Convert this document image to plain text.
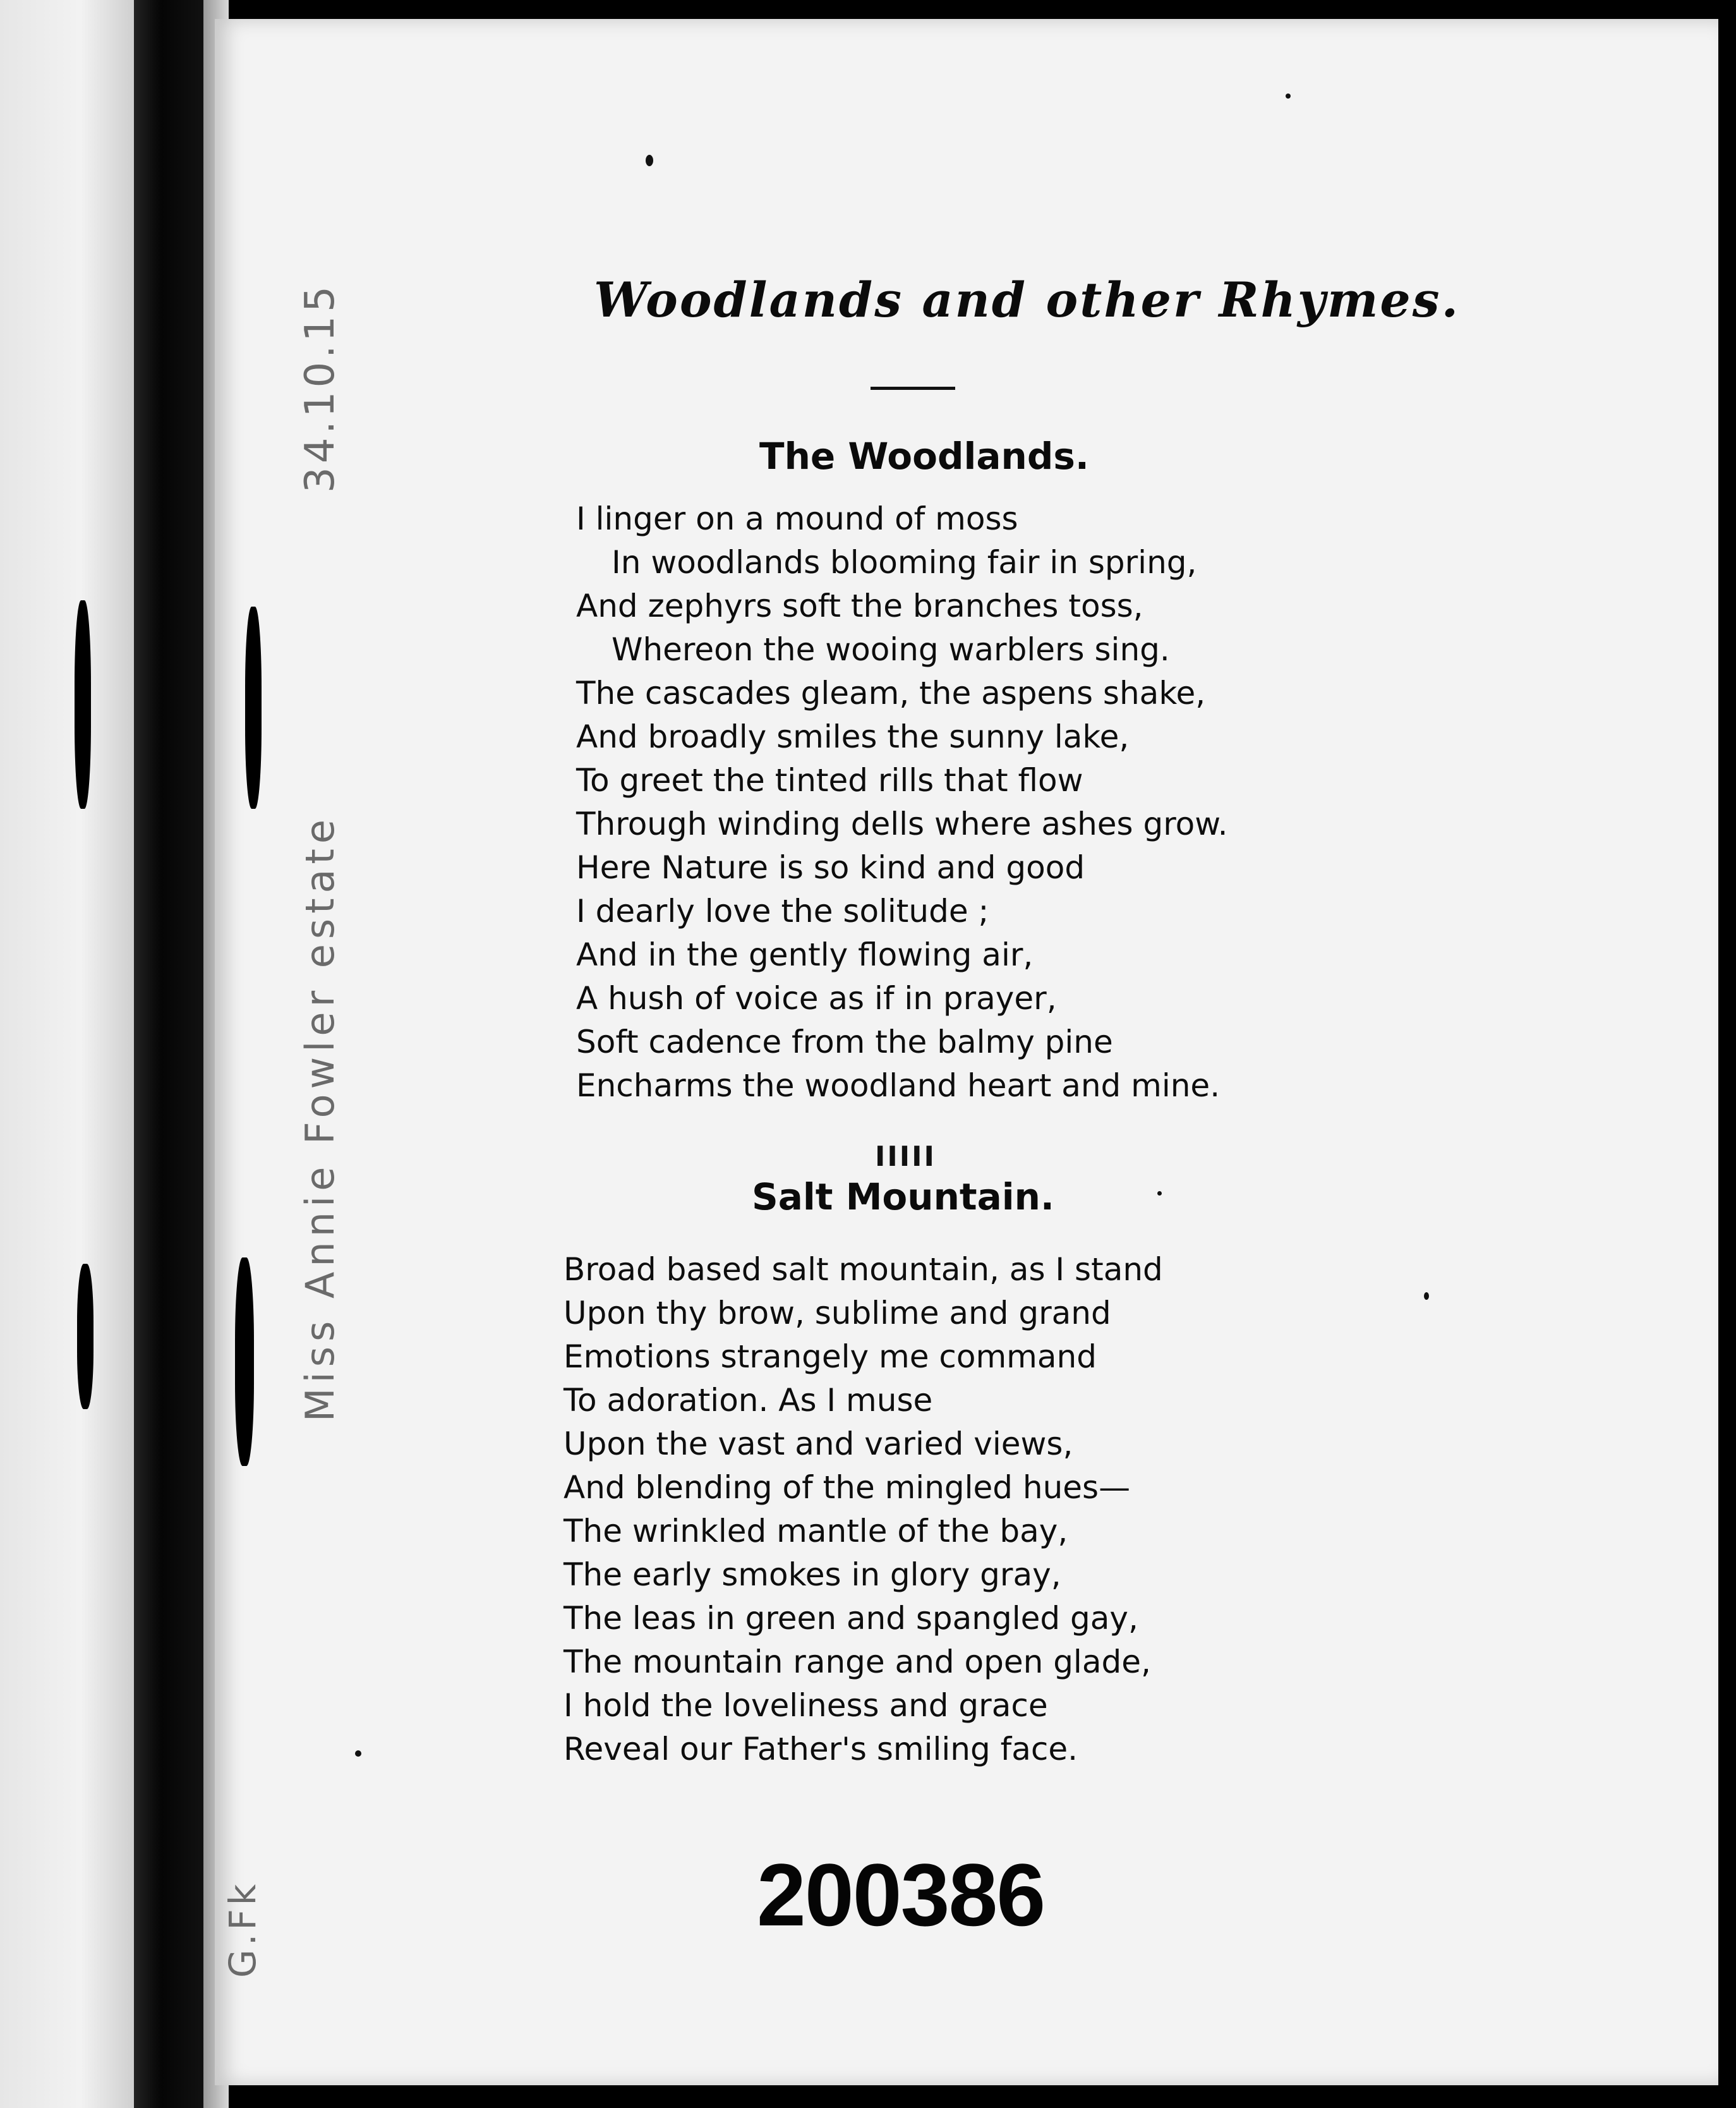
34.10.15
Miss Annie Fowler estate
G.Fk
Woodlands and other Rhymes.
The Woodlands.
I linger on a mound of moss
In woodlands blooming fair in spring,
And zephyrs soft the branches toss,
Whereon the wooing warblers sing.
The cascades gleam, the aspens shake,
And broadly smiles the sunny lake,
To greet the tinted rills that flow
Through winding dells where ashes grow.
Here Nature is so kind and good
I dearly love the solitude ;
And in the gently flowing air,
A hush of voice as if in prayer,
Soft cadence from the balmy pine
Encharms the woodland heart and mine.
IIIII
Salt Mountain.
Broad based salt mountain, as I stand
Upon thy brow, sublime and grand
Emotions strangely me command
To adoration. As I muse
Upon the vast and varied views,
And blending of the mingled hues—
The wrinkled mantle of the bay,
The early smokes in glory gray,
The leas in green and spangled gay,
The mountain range and open glade,
I hold the loveliness and grace
Reveal our Father's smiling face.
200386
